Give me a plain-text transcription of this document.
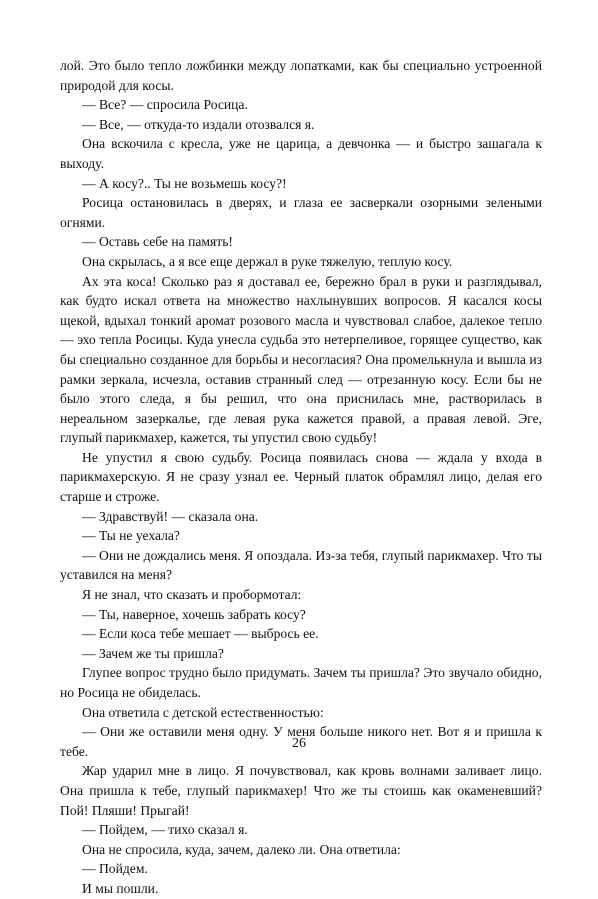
лой. Это было тепло ложбинки между лопатками, как бы специально устроенной природой для косы.

— Все? — спросила Росица.

— Все, — откуда-то издали отозвался я.

Она вскочила с кресла, уже не царица, а девчонка — и быстро зашагала к выходу.

— А косу?.. Ты не возьмешь косу?!

Росица остановилась в дверях, и глаза ее засверкали озорными зелеными огнями.

— Оставь себе на память!

Она скрылась, а я все еще держал в руке тяжелую, теплую косу.

Ах эта коса! Сколько раз я доставал ее, бережно брал в руки и разглядывал, как будто искал ответа на множество нахлынувших вопросов. Я касался косы щекой, вдыхал тонкий аромат розового масла и чувствовал слабое, далекое тепло — эхо тепла Росицы. Куда унесла судьба это нетерпеливое, горящее существо, как бы специально созданное для борьбы и несогласия? Она промелькнула и вышла из рамки зеркала, исчезла, оставив странный след — отрезанную косу. Если бы не было этого следа, я бы решил, что она приснилась мне, растворилась в нереальном зазеркалье, где левая рука кажется правой, а правая левой. Эге, глупый парикмахер, кажется, ты упустил свою судьбу!

Не упустил я свою судьбу. Росица появилась снова — ждала у входа в парикмахерскую. Я не сразу узнал ее. Черный платок обрамлял лицо, делая его старше и строже.

— Здравствуй! — сказала она.

— Ты не уехала?

— Они не дождались меня. Я опоздала. Из-за тебя, глупый парикмахер. Что ты уставился на меня?

Я не знал, что сказать и пробормотал:

— Ты, наверное, хочешь забрать косу?

— Если коса тебе мешает — выбрось ее.

— Зачем же ты пришла?

Глупее вопрос трудно было придумать. Зачем ты пришла? Это звучало обидно, но Росица не обиделась.

Она ответила с детской естественностью:

— Они же оставили меня одну. У меня больше никого нет. Вот я и пришла к тебе.

Жар ударил мне в лицо. Я почувствовал, как кровь волнами заливает лицо. Она пришла к тебе, глупый парикмахер! Что же ты стоишь как окаменевший? Пой! Пляши! Прыгай!

— Пойдем, — тихо сказал я.

Она не спросила, куда, зачем, далеко ли. Она ответила:

— Пойдем.

И мы пошли.

26
